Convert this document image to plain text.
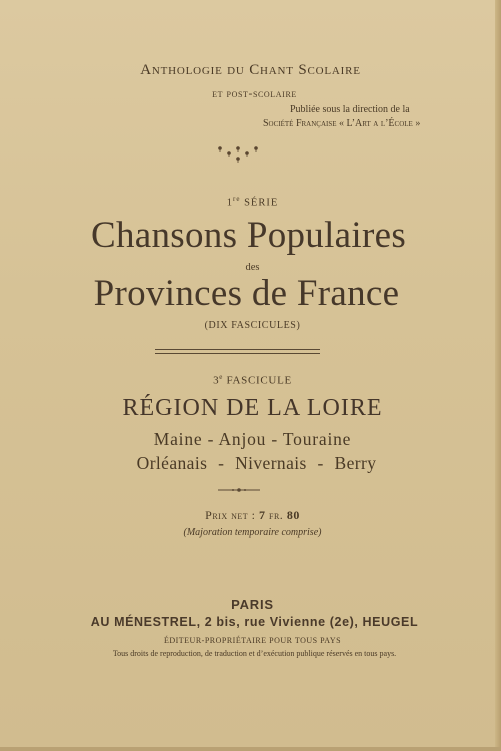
Anthologie du Chant Scolaire
et post-scolaire
Publiée sous la direction de la
Société Française « L’Art a l’École »
1re SÉRIE
Chansons Populaires
des
Provinces de France
(DIX FASCICULES)
3e FASCICULE
RÉGION DE LA LOIRE
Maine - Anjou - Touraine
Orléanais - Nivernais - Berry
Prix net : 7 fr. 80
(Majoration temporaire comprise)
PARIS
AU MÉNESTREL, 2 bis, rue Vivienne (2e), HEUGEL
ÉDITEUR-PROPRIÉTAIRE POUR TOUS PAYS
Tous droits de reproduction, de traduction et d’exécution publique réservés en tous pays.
